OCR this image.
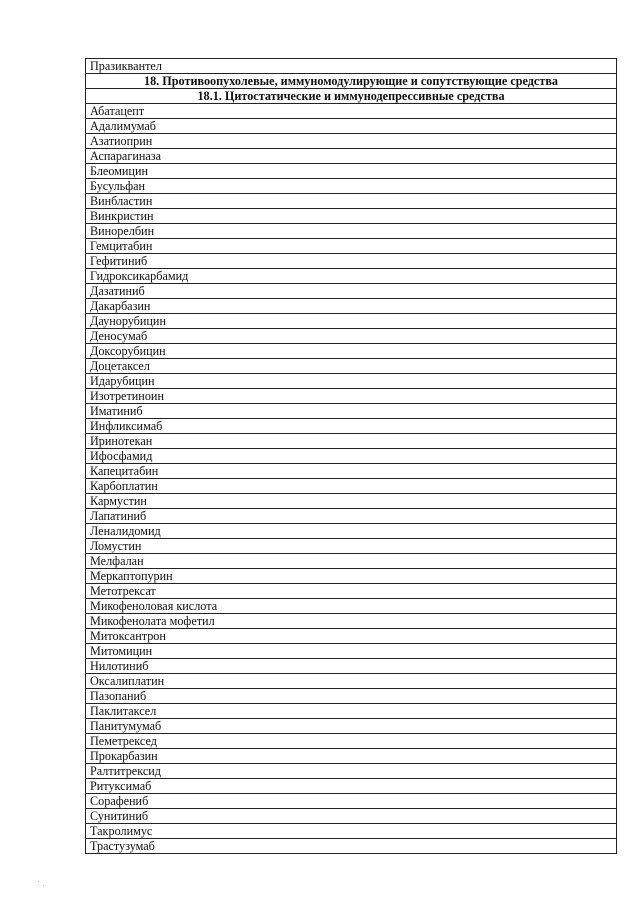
Празиквантел
18. Противоопухолевые, иммуномодулирующие и сопутствующие средства
18.1. Цитостатические и иммунодепрессивные средства
Абатацепт
Адалимумаб
Азатиоприн
Аспарагиназа
Блеомицин
Бусульфан
Винбластин
Винкристин
Винорелбин
Гемцитабин
Гефитиниб
Гидроксикарбамид
Дазатиниб
Дакарбазин
Даунорубицин
Деносумаб
Доксорубицин
Доцетаксел
Идарубицин
Изотретиноин
Иматиниб
Инфликсимаб
Иринотекан
Ифосфамид
Капецитабин
Карбоплатин
Кармустин
Лапатиниб
Леналидомид
Ломустин
Мелфалан
Меркаптопурин
Метотрексат
Микофеноловая кислота
Микофенолата мофетил
Митоксантрон
Митомицин
Нилотиниб
Оксалиплатин
Пазопаниб
Паклитаксел
Панитумумаб
Пеметрексед
Прокарбазин
Ралтитрексид
Ритуксимаб
Сорафениб
Сунитиниб
Такролимус
Трастузумаб
